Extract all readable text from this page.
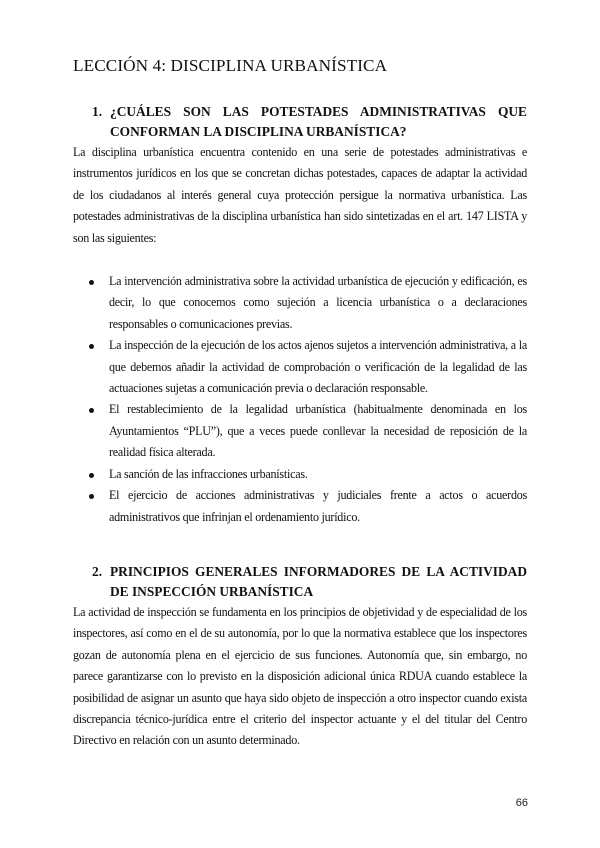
LECCIÓN 4: DISCIPLINA URBANÍSTICA
1. ¿CUÁLES SON LAS POTESTADES ADMINISTRATIVAS QUE CONFORMAN LA DISCIPLINA URBANÍSTICA?

La disciplina urbanística encuentra contenido en una serie de potestades administrativas e instrumentos jurídicos en los que se concretan dichas potestades, capaces de adaptar la actividad de los ciudadanos al interés general cuya protección persigue la normativa urbanística. Las potestades administrativas de la disciplina urbanística han sido sintetizadas en el art. 147 LISTA y son las siguientes:

La intervención administrativa sobre la actividad urbanística de ejecución y edificación, es decir, lo que conocemos como sujeción a licencia urbanística o a declaraciones responsables o comunicaciones previas.
La inspección de la ejecución de los actos ajenos sujetos a intervención administrativa, a la que debemos añadir la actividad de comprobación o verificación de la legalidad de las actuaciones sujetas a comunicación previa o declaración responsable.
El restablecimiento de la legalidad urbanística (habitualmente denominada en los Ayuntamientos “PLU”), que a veces puede conllevar la necesidad de reposición de la realidad física alterada.
La sanción de las infracciones urbanísticas.
El ejercicio de acciones administrativas y judiciales frente a actos o acuerdos administrativos que infrinjan el ordenamiento jurídico.
2. PRINCIPIOS GENERALES INFORMADORES DE LA ACTIVIDAD DE INSPECCIÓN URBANÍSTICA

La actividad de inspección se fundamenta en los principios de objetividad y de especialidad de los inspectores, así como en el de su autonomía, por lo que la normativa establece que los inspectores gozan de autonomía plena en el ejercicio de sus funciones. Autonomía que, sin embargo, no parece garantizarse con lo previsto en la disposición adicional única RDUA cuando establece la posibilidad de asignar un asunto que haya sido objeto de inspección a otro inspector cuando exista discrepancia técnico-jurídica entre el criterio del inspector actuante y el del titular del Centro Directivo en relación con un asunto determinado.

66
